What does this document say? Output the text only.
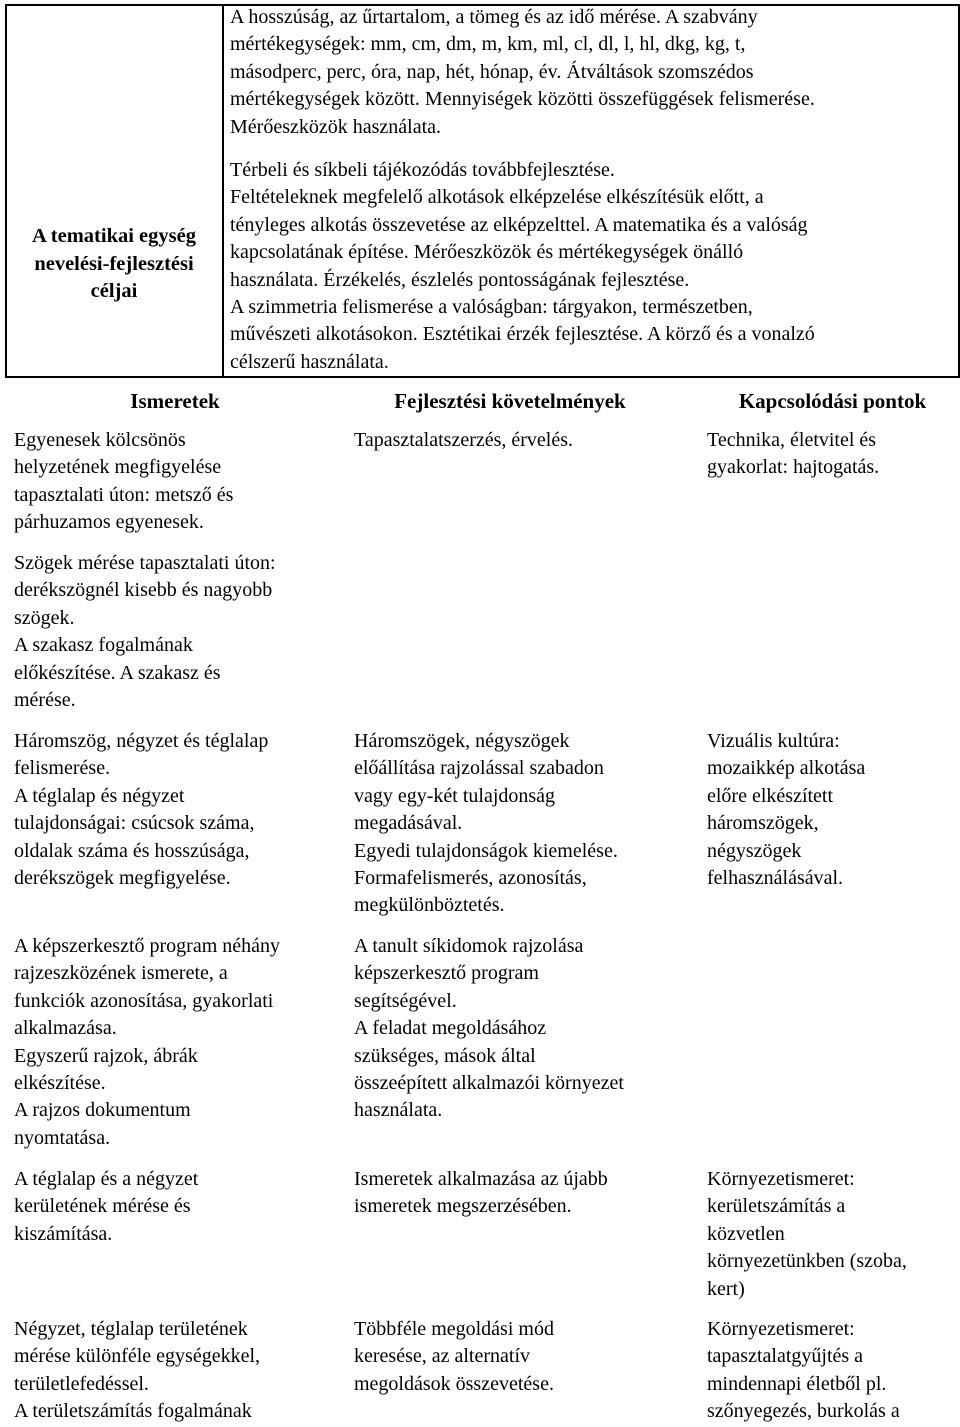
A tematikai egység
nevelési-fejlesztési
céljai
A hosszúság, az űrtartalom, a tömeg és az idő mérése. A szabvány
mértékegységek: mm, cm, dm, m, km, ml, cl, dl, l, hl, dkg, kg, t,
másodperc, perc, óra, nap, hét, hónap, év. Átváltások szomszédos
mértékegységek között. Mennyiségek közötti összefüggések felismerése.
Mérőeszközök használata.
Térbeli és síkbeli tájékozódás továbbfejlesztése.
Feltételeknek megfelelő alkotások elképzelése elkészítésük előtt, a
tényleges alkotás összevetése az elképzelttel. A matematika és a valóság
kapcsolatának építése. Mérőeszközök és mértékegységek önálló
használata. Érzékelés, észlelés pontosságának fejlesztése.
A szimmetria felismerése a valóságban: tárgyakon, természetben,
művészeti alkotásokon. Esztétikai érzék fejlesztése. A körző és a vonalzó
célszerű használata.
Ismeretek	Fejlesztési követelmények	Kapcsolódási pontok
Egyenesek kölcsönös
helyzetének megfigyelése
tapasztalati úton: metsző és
párhuzamos egyenesek.
Szögek mérése tapasztalati úton:
derékszögnél kisebb és nagyobb
szögek.
A szakasz fogalmának
előkészítése. A szakasz és
mérése.
Háromszög, négyzet és téglalap
felismerése.
A téglalap és négyzet
tulajdonságai: csúcsok száma,
oldalak száma és hosszúsága,
derékszögek megfigyelése.
A képszerkesztő program néhány
rajzeszközének ismerete, a
funkciók azonosítása, gyakorlati
alkalmazása.
Egyszerű rajzok, ábrák
elkészítése.
A rajzos dokumentum
nyomtatása.
A téglalap és a négyzet
kerületének mérése és
kiszámítása.
Négyzet, téglalap területének
mérése különféle egységekkel,
területlefedéssel.
A területszámítás fogalmának
Tapasztalatszerzés, érvelés.
Háromszögek, négyszögek
előállítása rajzolással szabadon
vagy egy-két tulajdonság
megadásával.
Egyedi tulajdonságok kiemelése.
Formafelismerés, azonosítás,
megkülönböztetés.
A tanult síkidomok rajzolása
képszerkesztő program
segítségével.
A feladat megoldásához
szükséges, mások által
összeépített alkalmazói környezet
használata.
Ismeretek alkalmazása az újabb
ismeretek megszerzésében.
Többféle megoldási mód
keresése, az alternatív
megoldások összevetése.
Technika, életvitel és
gyakorlat: hajtogatás.
Vizuális kultúra:
mozaikkép alkotása
előre elkészített
háromszögek,
négyszögek
felhasználásával.
Környezetismeret:
kerületszámítás a
közvetlen
környezetünkben (szoba,
kert)
Környezetismeret:
tapasztalatgyűjtés a
mindennapi életből pl.
szőnyegezés, burkolás a
